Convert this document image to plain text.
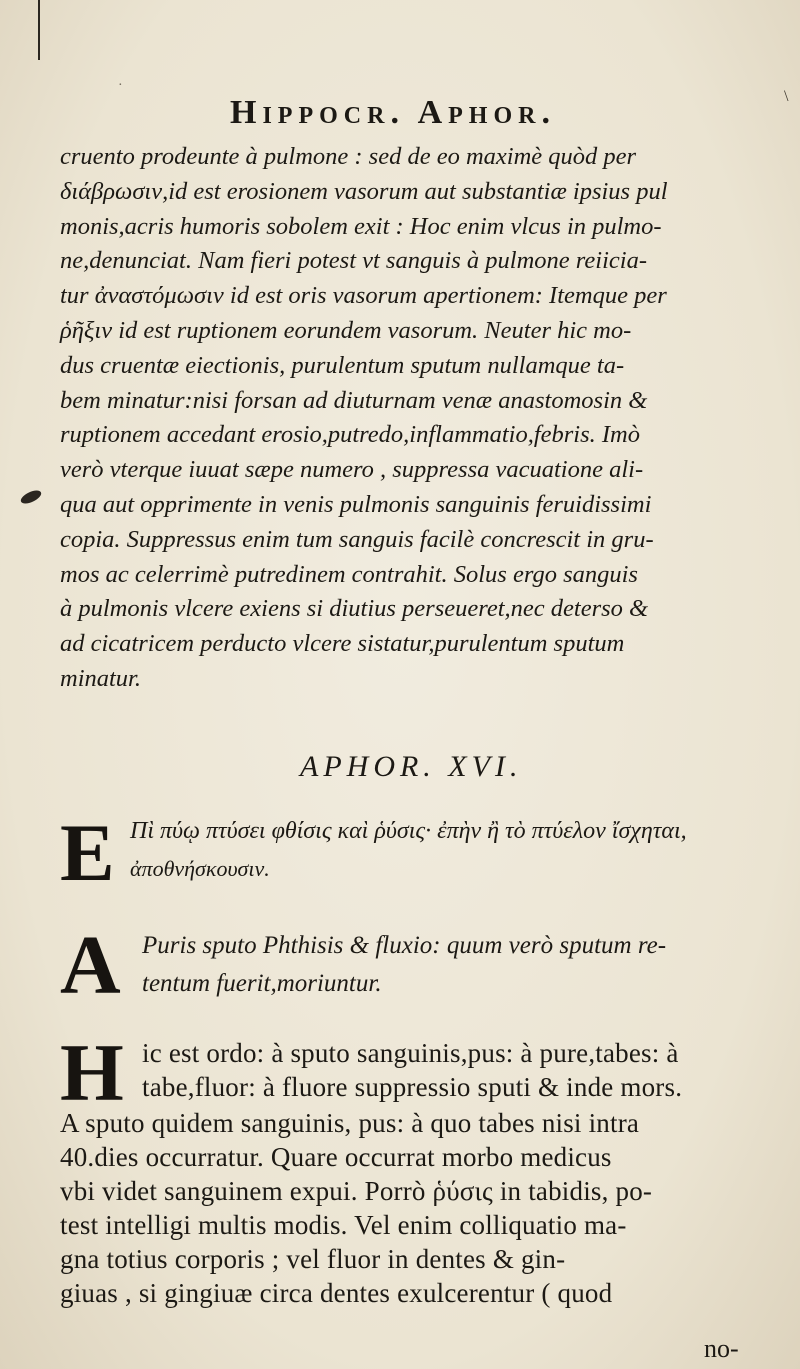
·
\
Hippocr. Aphor.

cruento prodeunte à pulmone : sed de eo maximè quòd per

διάβρωσιν,id est erosionem vasorum aut substantiæ ipsius pul

monis,acris humoris sobolem exit : Hoc enim vlcus in pulmo-

ne,denunciat. Nam fieri potest vt sanguis à pulmone reiicia-

tur ἀναστόμωσιν id est oris vasorum apertionem: Itemque per

ῥῆξιν id est ruptionem eorundem vasorum. Neuter hic mo-

dus cruentæ eiectionis, purulentum sputum nullamque ta-

bem minatur:nisi forsan ad diuturnam venæ anastomosin &

ruptionem accedant erosio,putredo,inflammatio,febris. Imò

verò vterque iuuat sæpe numero , suppressa vacuatione ali-

qua aut opprimente in venis pulmonis sanguinis feruidissimi

copia. Suppressus enim tum sanguis facilè concrescit in gru-

mos ac celerrimè putredinem contrahit. Solus ergo sanguis

à pulmonis vlcere exiens si diutius perseueret,nec deterso &

ad cicatricem perducto vlcere sistatur,purulentum sputum

minatur.

APHOR. XVI.
E Πὶ πύῳ πτύσει φθίσις καὶ ῥύσις· ἐπὴν ἢ τὸ πτύελον ἴσχηται,
ἀποθνήσκουσιν.
A Puris sputo Phthisis & fluxio: quum verò sputum re-
tentum fuerit,moriuntur.
H ic est ordo: à sputo sanguinis,pus: à pure,tabes: à
tabe,fluor: à fluore suppressio sputi & inde mors.
A sputo quidem sanguinis, pus: à quo tabes nisi intra
40.dies occurratur. Quare occurrat morbo medicus
vbi videt sanguinem expui. Porrò ῥύσις in tabidis, po-
test intelligi multis modis. Vel enim colliquatio ma-
gna totius corporis ; vel fluor in dentes & gin-
giuas , si gingiuæ circa dentes exulcerentur ( quod
no-
